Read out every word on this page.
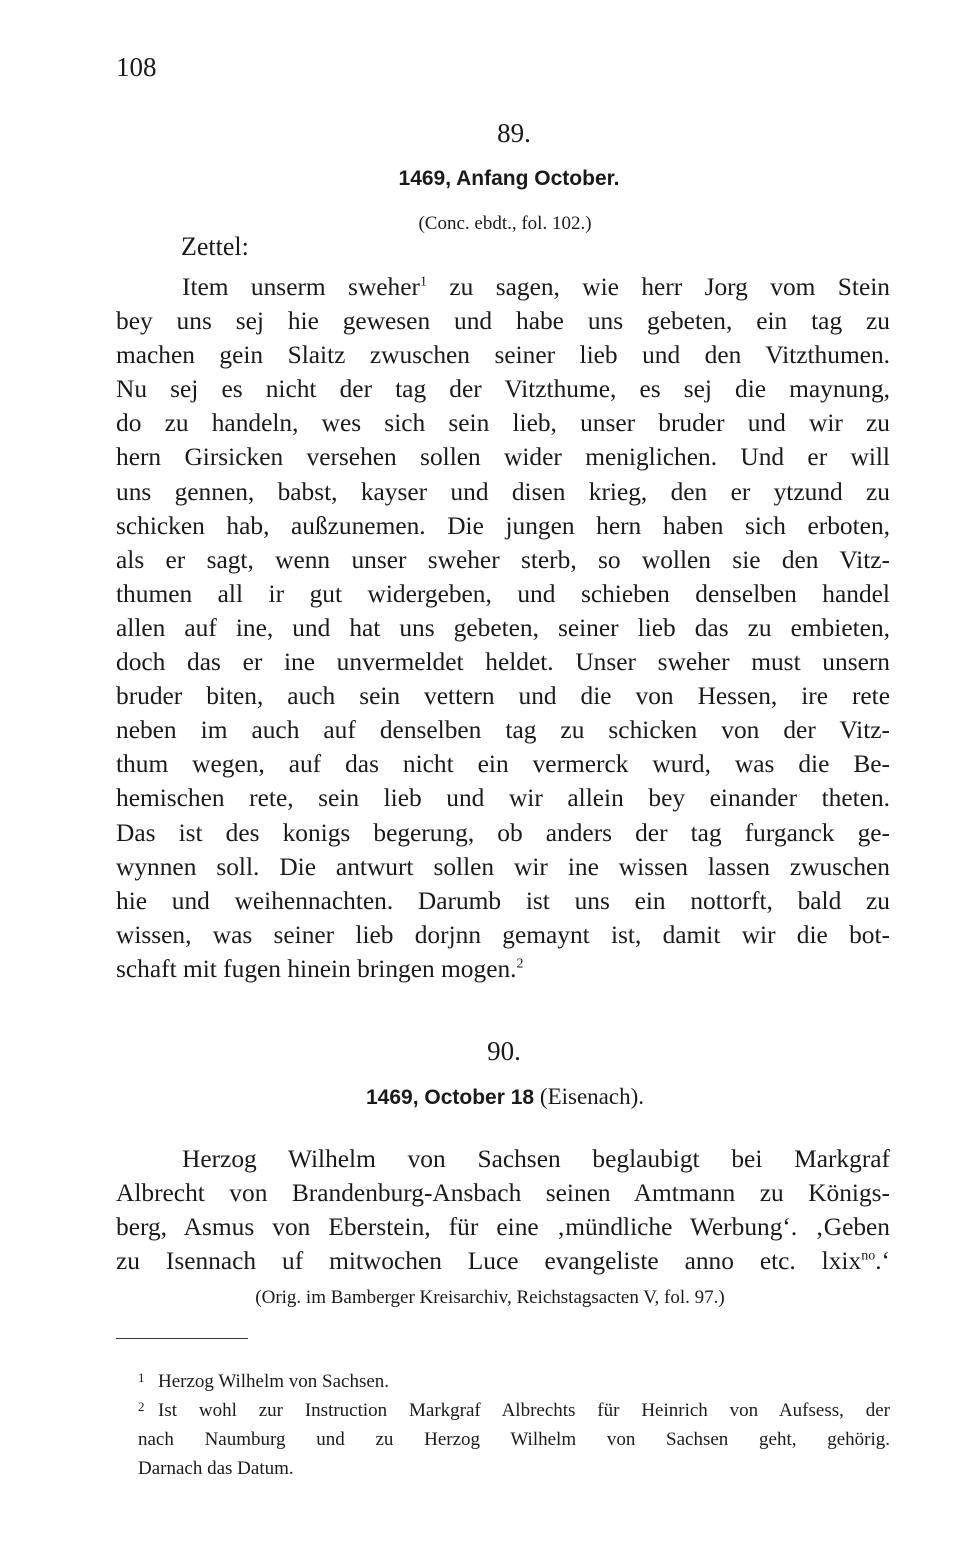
108
89.
1469, Anfang October.
(Conc. ebdt., fol. 102.)
Zettel:
Item unserm sweher$^1$ zu sagen, wie herr Jorg vom Stein
bey uns sej hie gewesen und habe uns gebeten, ein tag zu
machen gein Slaitz zwuschen seiner lieb und den Vitzthumen.
Nu sej es nicht der tag der Vitzthume, es sej die maynung,
do zu handeln, wes sich sein lieb, unser bruder und wir zu
hern Girsicken versehen sollen wider meniglichen. Und er will
uns gennen, babst, kayser und disen krieg, den er ytzund zu
schicken hab, außzunemen. Die jungen hern haben sich erboten,
als er sagt, wenn unser sweher sterb, so wollen sie den Vitz-
thumen all ir gut widergeben, und schieben denselben handel
allen auf ine, und hat uns gebeten, seiner lieb das zu embieten,
doch das er ine unvermeldet heldet. Unser sweher must unsern
bruder biten, auch sein vettern und die von Hessen, ire rete
neben im auch auf denselben tag zu schicken von der Vitz-
thum wegen, auf das nicht ein vermerck wurd, was die Be-
hemischen rete, sein lieb und wir allein bey einander theten.
Das ist des konigs begerung, ob anders der tag furganck ge-
wynnen soll. Die antwurt sollen wir ine wissen lassen zwuschen
hie und weihennachten. Darumb ist uns ein nottorft, bald zu
wissen, was seiner lieb dorjnn gemaynt ist, damit wir die bot-
schaft mit fugen hinein bringen mogen.$^2$
90.
1469, October 18 (Eisenach).
Herzog Wilhelm von Sachsen beglaubigt bei Markgraf
Albrecht von Brandenburg-Ansbach seinen Amtmann zu Königs-
berg, Asmus von Eberstein, für eine ‚mündliche Werbung‘. ‚Geben
zu Isennach uf mitwochen Luce evangeliste anno etc. lxix$^{no}$.‘
(Orig. im Bamberger Kreisarchiv, Reichstagsacten V, fol. 97.)
1 Herzog Wilhelm von Sachsen.
2 Ist wohl zur Instruction Markgraf Albrechts für Heinrich von Aufsess, der
nach Naumburg und zu Herzog Wilhelm von Sachsen geht, gehörig.
Darnach das Datum.
